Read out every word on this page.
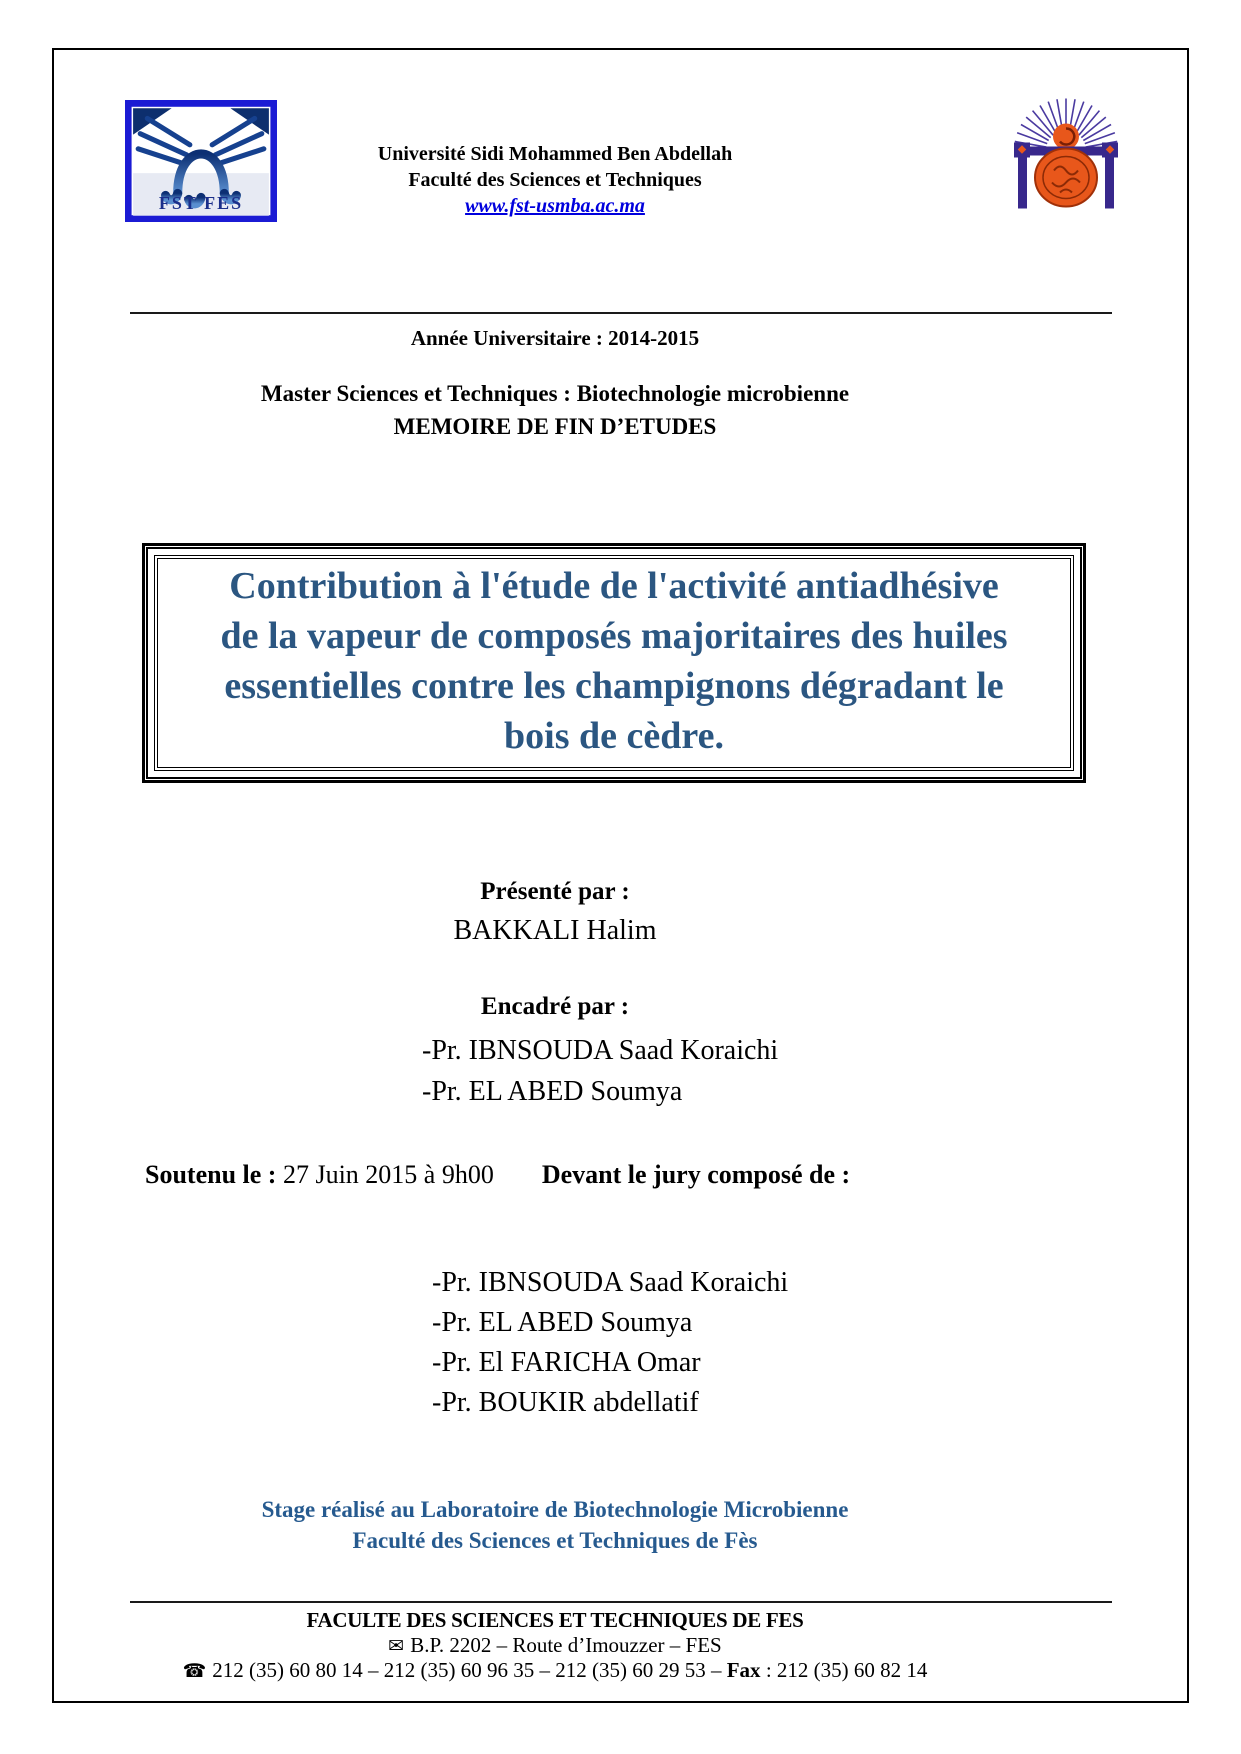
FST FES
Université Sidi Mohammed Ben Abdellah
Faculté des Sciences et Techniques
www.fst-usmba.ac.ma
Année Universitaire : 2014-2015
Master Sciences et Techniques : Biotechnologie microbienne
MEMOIRE DE FIN D’ETUDES
Contribution à l'étude de l'activité antiadhésive
de la vapeur de composés majoritaires des huiles
essentielles contre les champignons dégradant le
bois de cèdre.
Présenté par :
BAKKALI Halim
Encadré par :
-Pr. IBNSOUDA Saad Koraichi
-Pr. EL ABED Soumya
Soutenu le : 27 Juin 2015 à 9h00 Devant le jury composé de :
-Pr. IBNSOUDA Saad Koraichi
-Pr. EL ABED Soumya
-Pr. El FARICHA Omar
-Pr. BOUKIR abdellatif
Stage réalisé au Laboratoire de Biotechnologie Microbienne
Faculté des Sciences et Techniques de Fès
FACULTE DES SCIENCES ET TECHNIQUES DE FES
✉ B.P. 2202 – Route d’Imouzzer – FES
☎ 212 (35) 60 80 14 – 212 (35) 60 96 35 – 212 (35) 60 29 53 – Fax : 212 (35) 60 82 14
